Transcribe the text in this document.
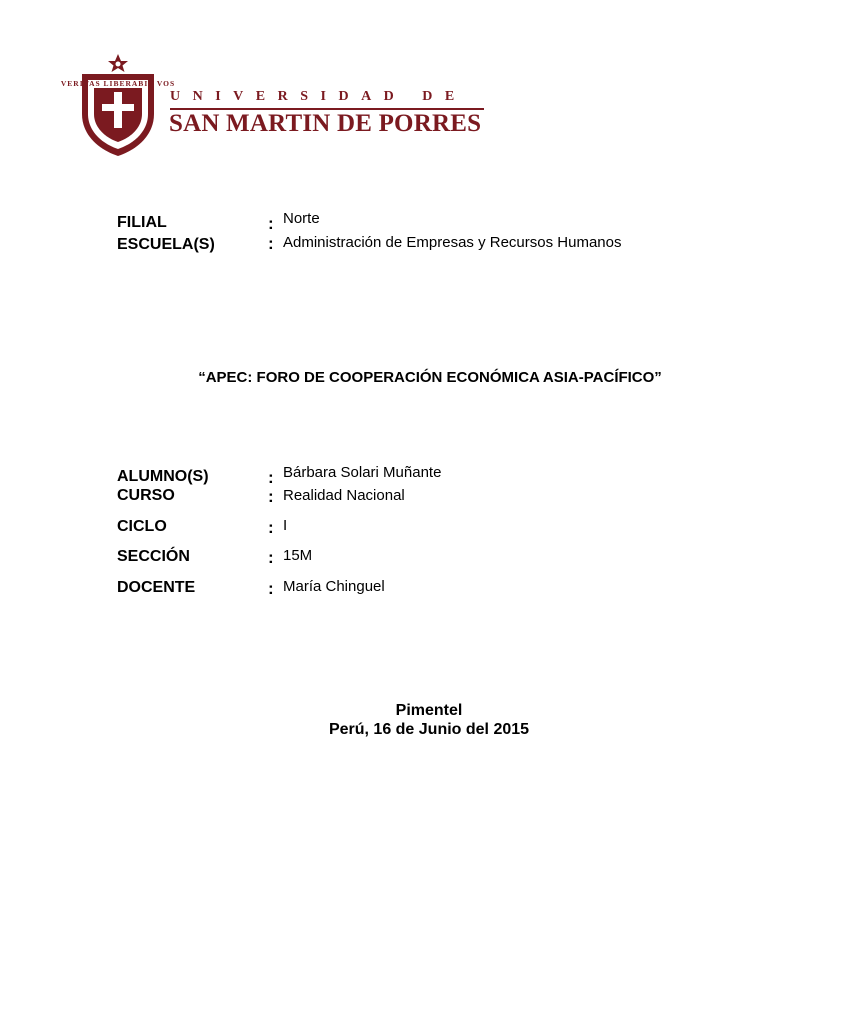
VERITAS LIBERABIT VOS
UNIVERSIDAD DE
SAN MARTIN DE PORRES
FILIAL	: Norte
ESCUELA(S)	: Administración de Empresas y Recursos Humanos
“APEC: FORO DE COOPERACIÓN ECONÓMICA ASIA-PACÍFICO”
ALUMNO(S)	: Bárbara Solari Muñante
CURSO	: Realidad Nacional
CICLO	: I
SECCIÓN	: 15M
DOCENTE	: María Chinguel
Pimentel
Perú, 16 de Junio del 2015
